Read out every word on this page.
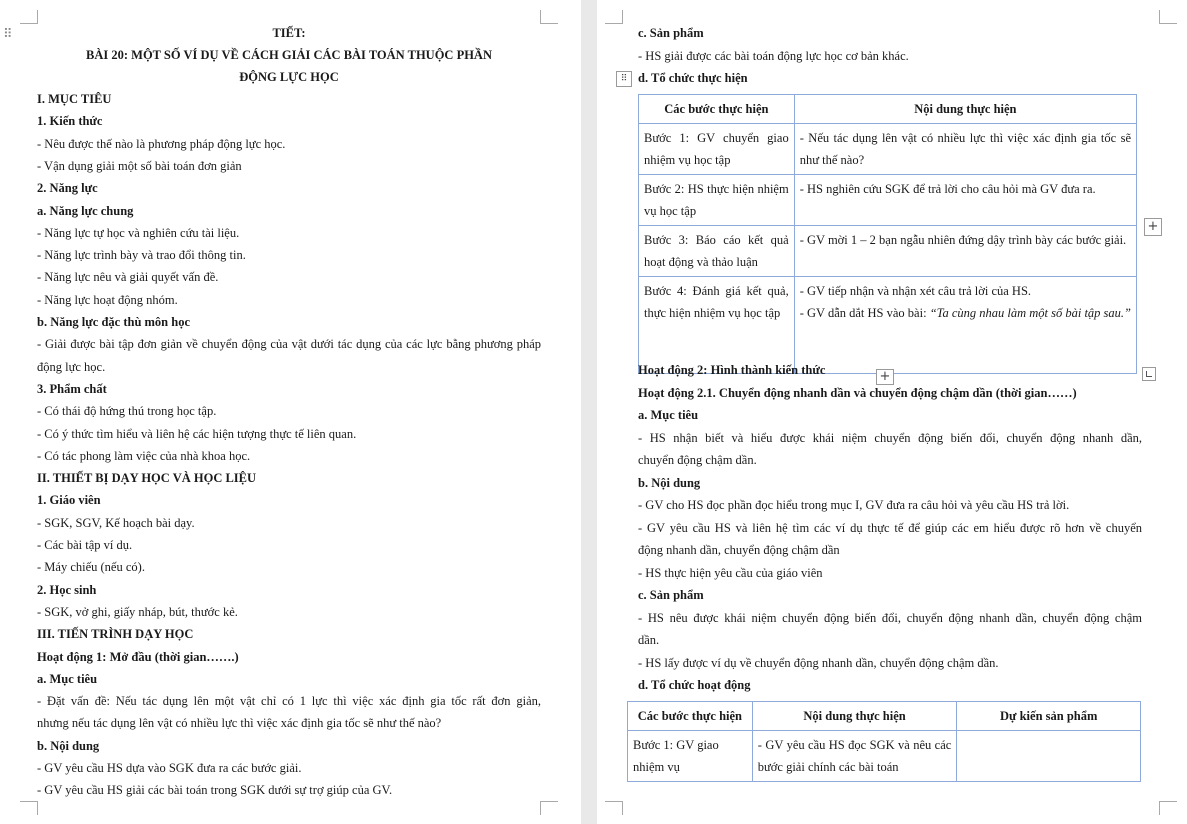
⠿	TIẾT:
BÀI 20: MỘT SỐ VÍ DỤ VỀ CÁCH GIẢI CÁC BÀI TOÁN THUỘC PHẦN
ĐỘNG LỰC HỌC
I. MỤC TIÊU
1. Kiến thức
- Nêu được thế nào là phương pháp động lực học.
- Vận dụng giải một số bài toán đơn giản
2. Năng lực
a. Năng lực chung
- Năng lực tự học và nghiên cứu tài liệu.
- Năng lực trình bày và trao đổi thông tin.
- Năng lực nêu và giải quyết vấn đề.
- Năng lực hoạt động nhóm.
b. Năng lực đặc thù môn học
- Giải được bài tập đơn giản về chuyển động của vật dưới tác dụng của các lực bằng phương pháp
động lực học.
3. Phẩm chất
- Có thái độ hứng thú trong học tập.
- Có ý thức tìm hiểu và liên hệ các hiện tượng thực tế liên quan.
- Có tác phong làm việc của nhà khoa học.
II. THIẾT BỊ DẠY HỌC VÀ HỌC LIỆU
1. Giáo viên
- SGK, SGV, Kế hoạch bài dạy.
- Các bài tập ví dụ.
- Máy chiếu (nếu có).
2. Học sinh
- SGK, vở ghi, giấy nháp, bút, thước kẻ.
III. TIẾN TRÌNH DẠY HỌC
Hoạt động 1: Mở đầu (thời gian…….)
a. Mục tiêu
- Đặt vấn đề: Nếu tác dụng lên một vật chỉ có 1 lực thì việc xác định gia tốc rất đơn giản,
nhưng nếu tác dụng lên vật có nhiều lực thì việc xác định gia tốc sẽ như thế nào?
b. Nội dung
- GV yêu cầu HS dựa vào SGK đưa ra các bước giải.
- GV yêu cầu HS giải các bài toán trong SGK dưới sự trợ giúp của GV.
c. Sản phẩm
- HS giải được các bài toán động lực học cơ bản khác.
d. Tổ chức thực hiện
⠿
Các bước thực hiện	Nội dung thực hiện
Bước 1: GV chuyển giao nhiệm vụ học tập	- Nếu tác dụng lên vật có nhiều lực thì việc xác định gia tốc sẽ như thế nào?
Bước 2: HS thực hiện nhiệm vụ học tập	- HS nghiên cứu SGK để trả lời cho câu hỏi mà GV đưa ra.
Bước 3: Báo cáo kết quả hoạt động và thảo luận	- GV mời 1 – 2 bạn ngẫu nhiên đứng dậy trình bày các bước giải.
Bước 4: Đánh giá kết quả, thực hiện nhiệm vụ học tập	- GV tiếp nhận và nhận xét câu trả lời của HS.
- GV dẫn dắt HS vào bài: “Ta cùng nhau làm một số bài tập sau.”
+
+
Hoạt động 2: Hình thành kiến thức
Hoạt động 2.1. Chuyển động nhanh dần và chuyển động chậm dần (thời gian……)
a. Mục tiêu
- HS nhận biết và hiểu được khái niệm chuyển động biến đổi, chuyển động nhanh dần,
chuyển động chậm dần.
b. Nội dung
- GV cho HS đọc phần đọc hiểu trong mục I, GV đưa ra câu hỏi và yêu cầu HS trả lời.
- GV yêu cầu HS và liên hệ tìm các ví dụ thực tế để giúp các em hiểu được rõ hơn về chuyển
động nhanh dần, chuyển động chậm dần
- HS thực hiện yêu cầu của giáo viên
c. Sản phẩm
- HS nêu được khái niệm chuyển động biến đổi, chuyển động nhanh dần, chuyển động chậm
dần.
- HS lấy được ví dụ về chuyển động nhanh dần, chuyển động chậm dần.
d. Tổ chức hoạt động
Các bước thực hiện	Nội dung thực hiện	Dự kiến sản phẩm
Bước 1: GV giao nhiệm vụ	- GV yêu cầu HS đọc SGK và nêu các bước giải chính các bài toán	
